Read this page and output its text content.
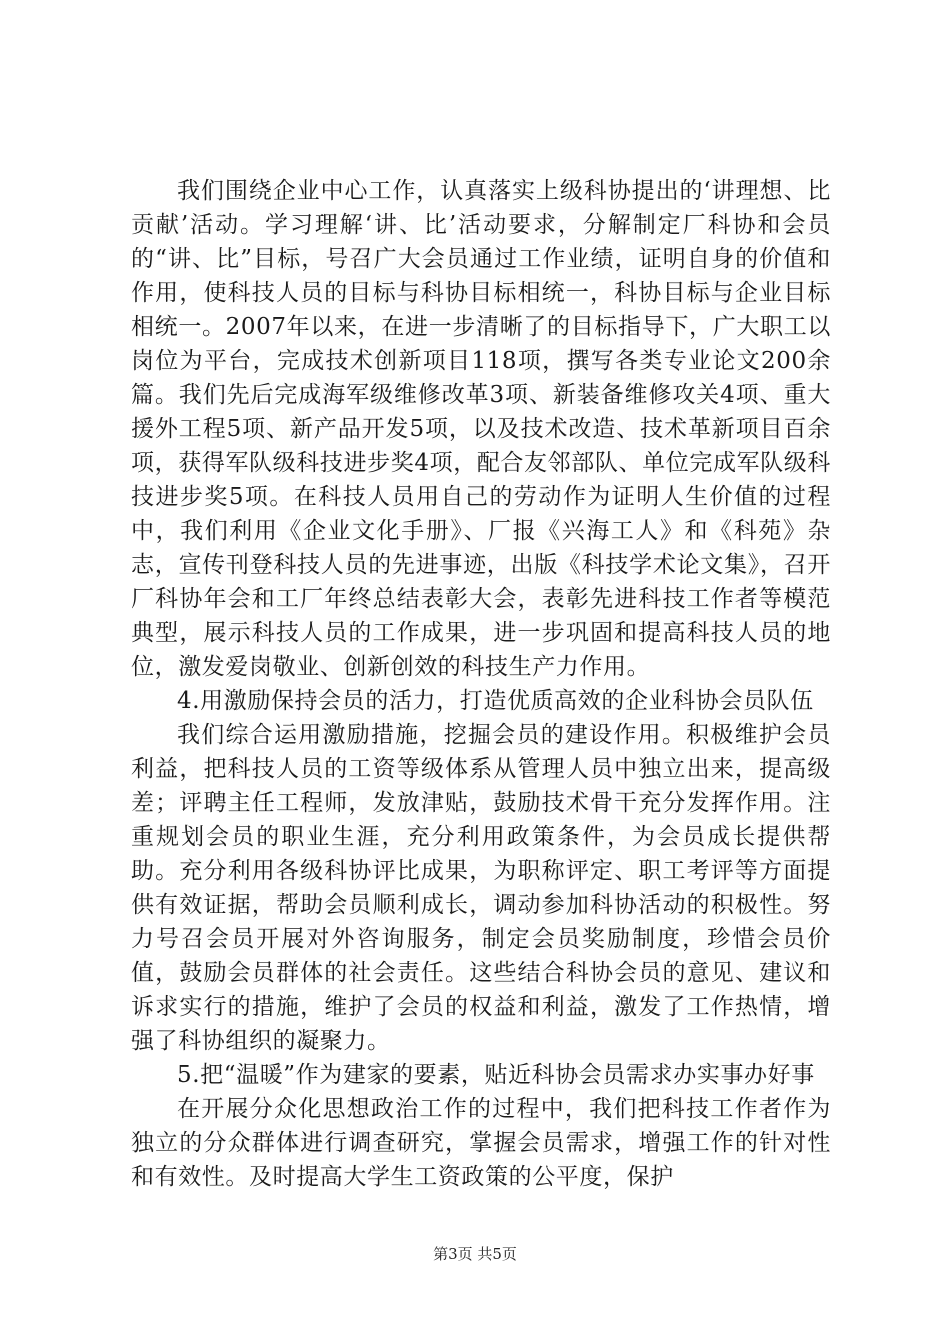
我们围绕企业中心工作，认真落实上级科协提出的‘讲理想、比贡献’活动。学习理解‘讲、比’活动要求，分解制定厂科协和会员的“讲、比”目标，号召广大会员通过工作业绩，证明自身的价值和作用，使科技人员的目标与科协目标相统一，科协目标与企业目标相统一。2007年以来，在进一步清晰了的目标指导下，广大职工以岗位为平台，完成技术创新项目118项，撰写各类专业论文200余篇。我们先后完成海军级维修改革3项、新装备维修攻关4项、重大援外工程5项、新产品开发5项，以及技术改造、技术革新项目百余项，获得军队级科技进步奖4项，配合友邻部队、单位完成军队级科技进步奖5项。在科技人员用自己的劳动作为证明人生价值的过程中，我们利用《企业文化手册》、厂报《兴海工人》和《科苑》杂志，宣传刊登科技人员的先进事迹，出版《科技学术论文集》，召开厂科协年会和工厂年终总结表彰大会，表彰先进科技工作者等模范典型，展示科技人员的工作成果，进一步巩固和提高科技人员的地位，激发爱岗敬业、创新创效的科技生产力作用。

4.用激励保持会员的活力，打造优质高效的企业科协会员队伍

我们综合运用激励措施，挖掘会员的建设作用。积极维护会员利益，把科技人员的工资等级体系从管理人员中独立出来，提高级差；评聘主任工程师，发放津贴，鼓励技术骨干充分发挥作用。注重规划会员的职业生涯，充分利用政策条件，为会员成长提供帮助。充分利用各级科协评比成果，为职称评定、职工考评等方面提供有效证据，帮助会员顺利成长，调动参加科协活动的积极性。努力号召会员开展对外咨询服务，制定会员奖励制度，珍惜会员价值，鼓励会员群体的社会责任。这些结合科协会员的意见、建议和诉求实行的措施，维护了会员的权益和利益，激发了工作热情，增强了科协组织的凝聚力。

5.把“温暖”作为建家的要素，贴近科协会员需求办实事办好事

在开展分众化思想政治工作的过程中，我们把科技工作者作为独立的分众群体进行调查研究，掌握会员需求，增强工作的针对性和有效性。及时提高大学生工资政策的公平度，保护

第3页 共5页
